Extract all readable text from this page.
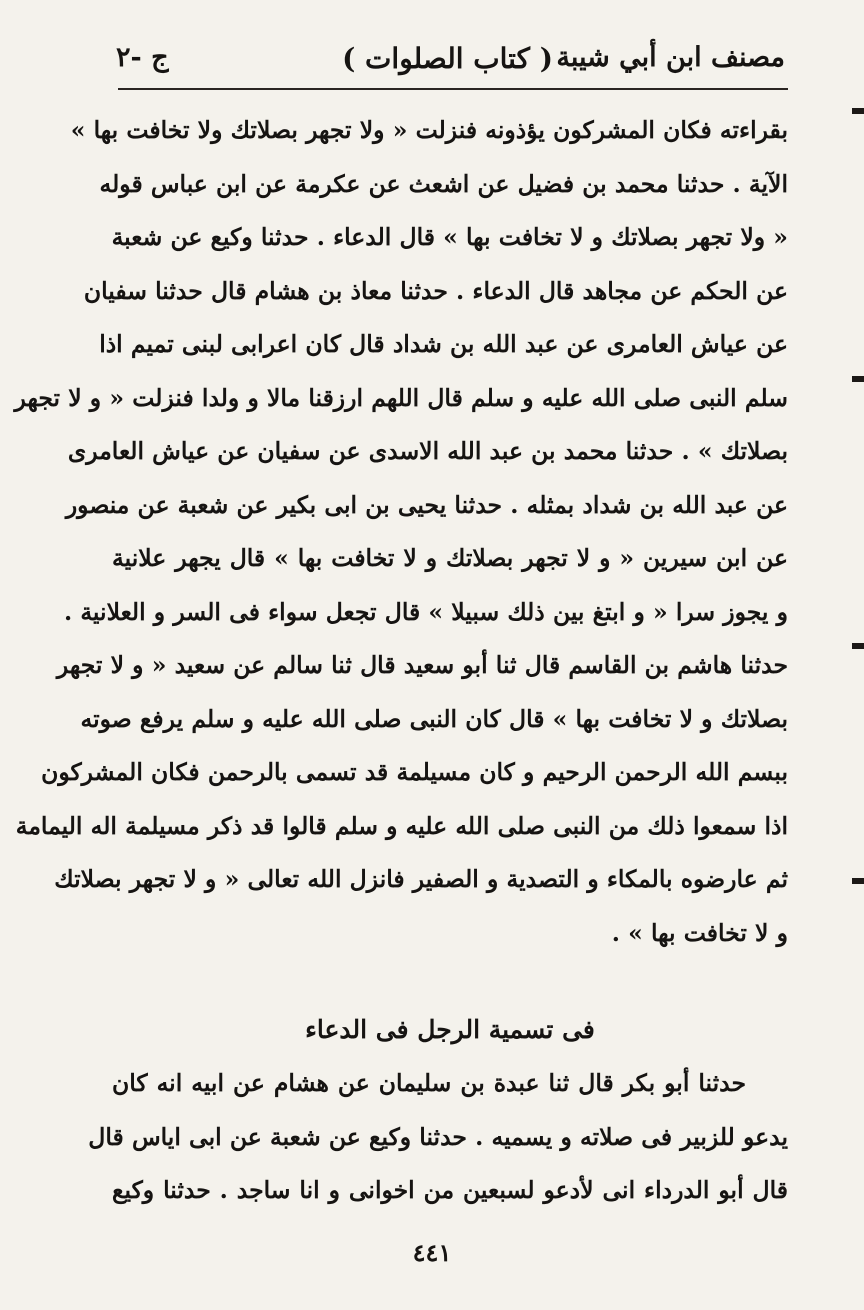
مصنف ابن أبي شيبة
( كتاب الصلوات )
ج -٢
بقراءته فكان المشركون يؤذونه فنزلت « ولا تجهر بصلاتك ولا تخافت بها »
الآية . حدثنا محمد بن فضيل عن اشعث عن عكرمة عن ابن عباس قوله
« ولا تجهر بصلاتك و لا تخافت بها » قال الدعاء . حدثنا وكيع عن شعبة
عن الحكم عن مجاهد قال الدعاء . حدثنا معاذ بن هشام قال حدثنا سفيان
عن عياش العامرى عن عبد الله بن شداد قال كان اعرابى لبنى تميم اذا
سلم النبى صلى الله عليه و سلم قال اللهم ارزقنا مالا و ولدا فنزلت « و لا تجهر
بصلاتك » . حدثنا محمد بن عبد الله الاسدى عن سفيان عن عياش العامرى
عن عبد الله بن شداد بمثله . حدثنا يحيى بن ابى بكير عن شعبة عن منصور
عن ابن سيرين « و لا تجهر بصلاتك و لا تخافت بها » قال يجهر علانية
و يجوز سرا « و ابتغ بين ذلك سبيلا » قال تجعل سواء فى السر و العلانية .
حدثنا هاشم بن القاسم قال ثنا أبو سعيد قال ثنا سالم عن سعيد « و لا تجهر
بصلاتك و لا تخافت بها » قال كان النبى صلى الله عليه و سلم يرفع صوته
ببسم الله الرحمن الرحيم و كان مسيلمة قد تسمى بالرحمن فكان المشركون
اذا سمعوا ذلك من النبى صلى الله عليه و سلم قالوا قد ذكر مسيلمة اله اليمامة
ثم عارضوه بالمكاء و التصدية و الصفير فانزل الله تعالى « و لا تجهر بصلاتك
و لا تخافت بها » .
فى تسمية الرجل فى الدعاء
حدثنا أبو بكر قال ثنا عبدة بن سليمان عن هشام عن ابيه انه كان
يدعو للزبير فى صلاته و يسميه . حدثنا وكيع عن شعبة عن ابى اياس قال
قال أبو الدرداء انى لأدعو لسبعين من اخوانى و انا ساجد . حدثنا وكيع
٤٤١
